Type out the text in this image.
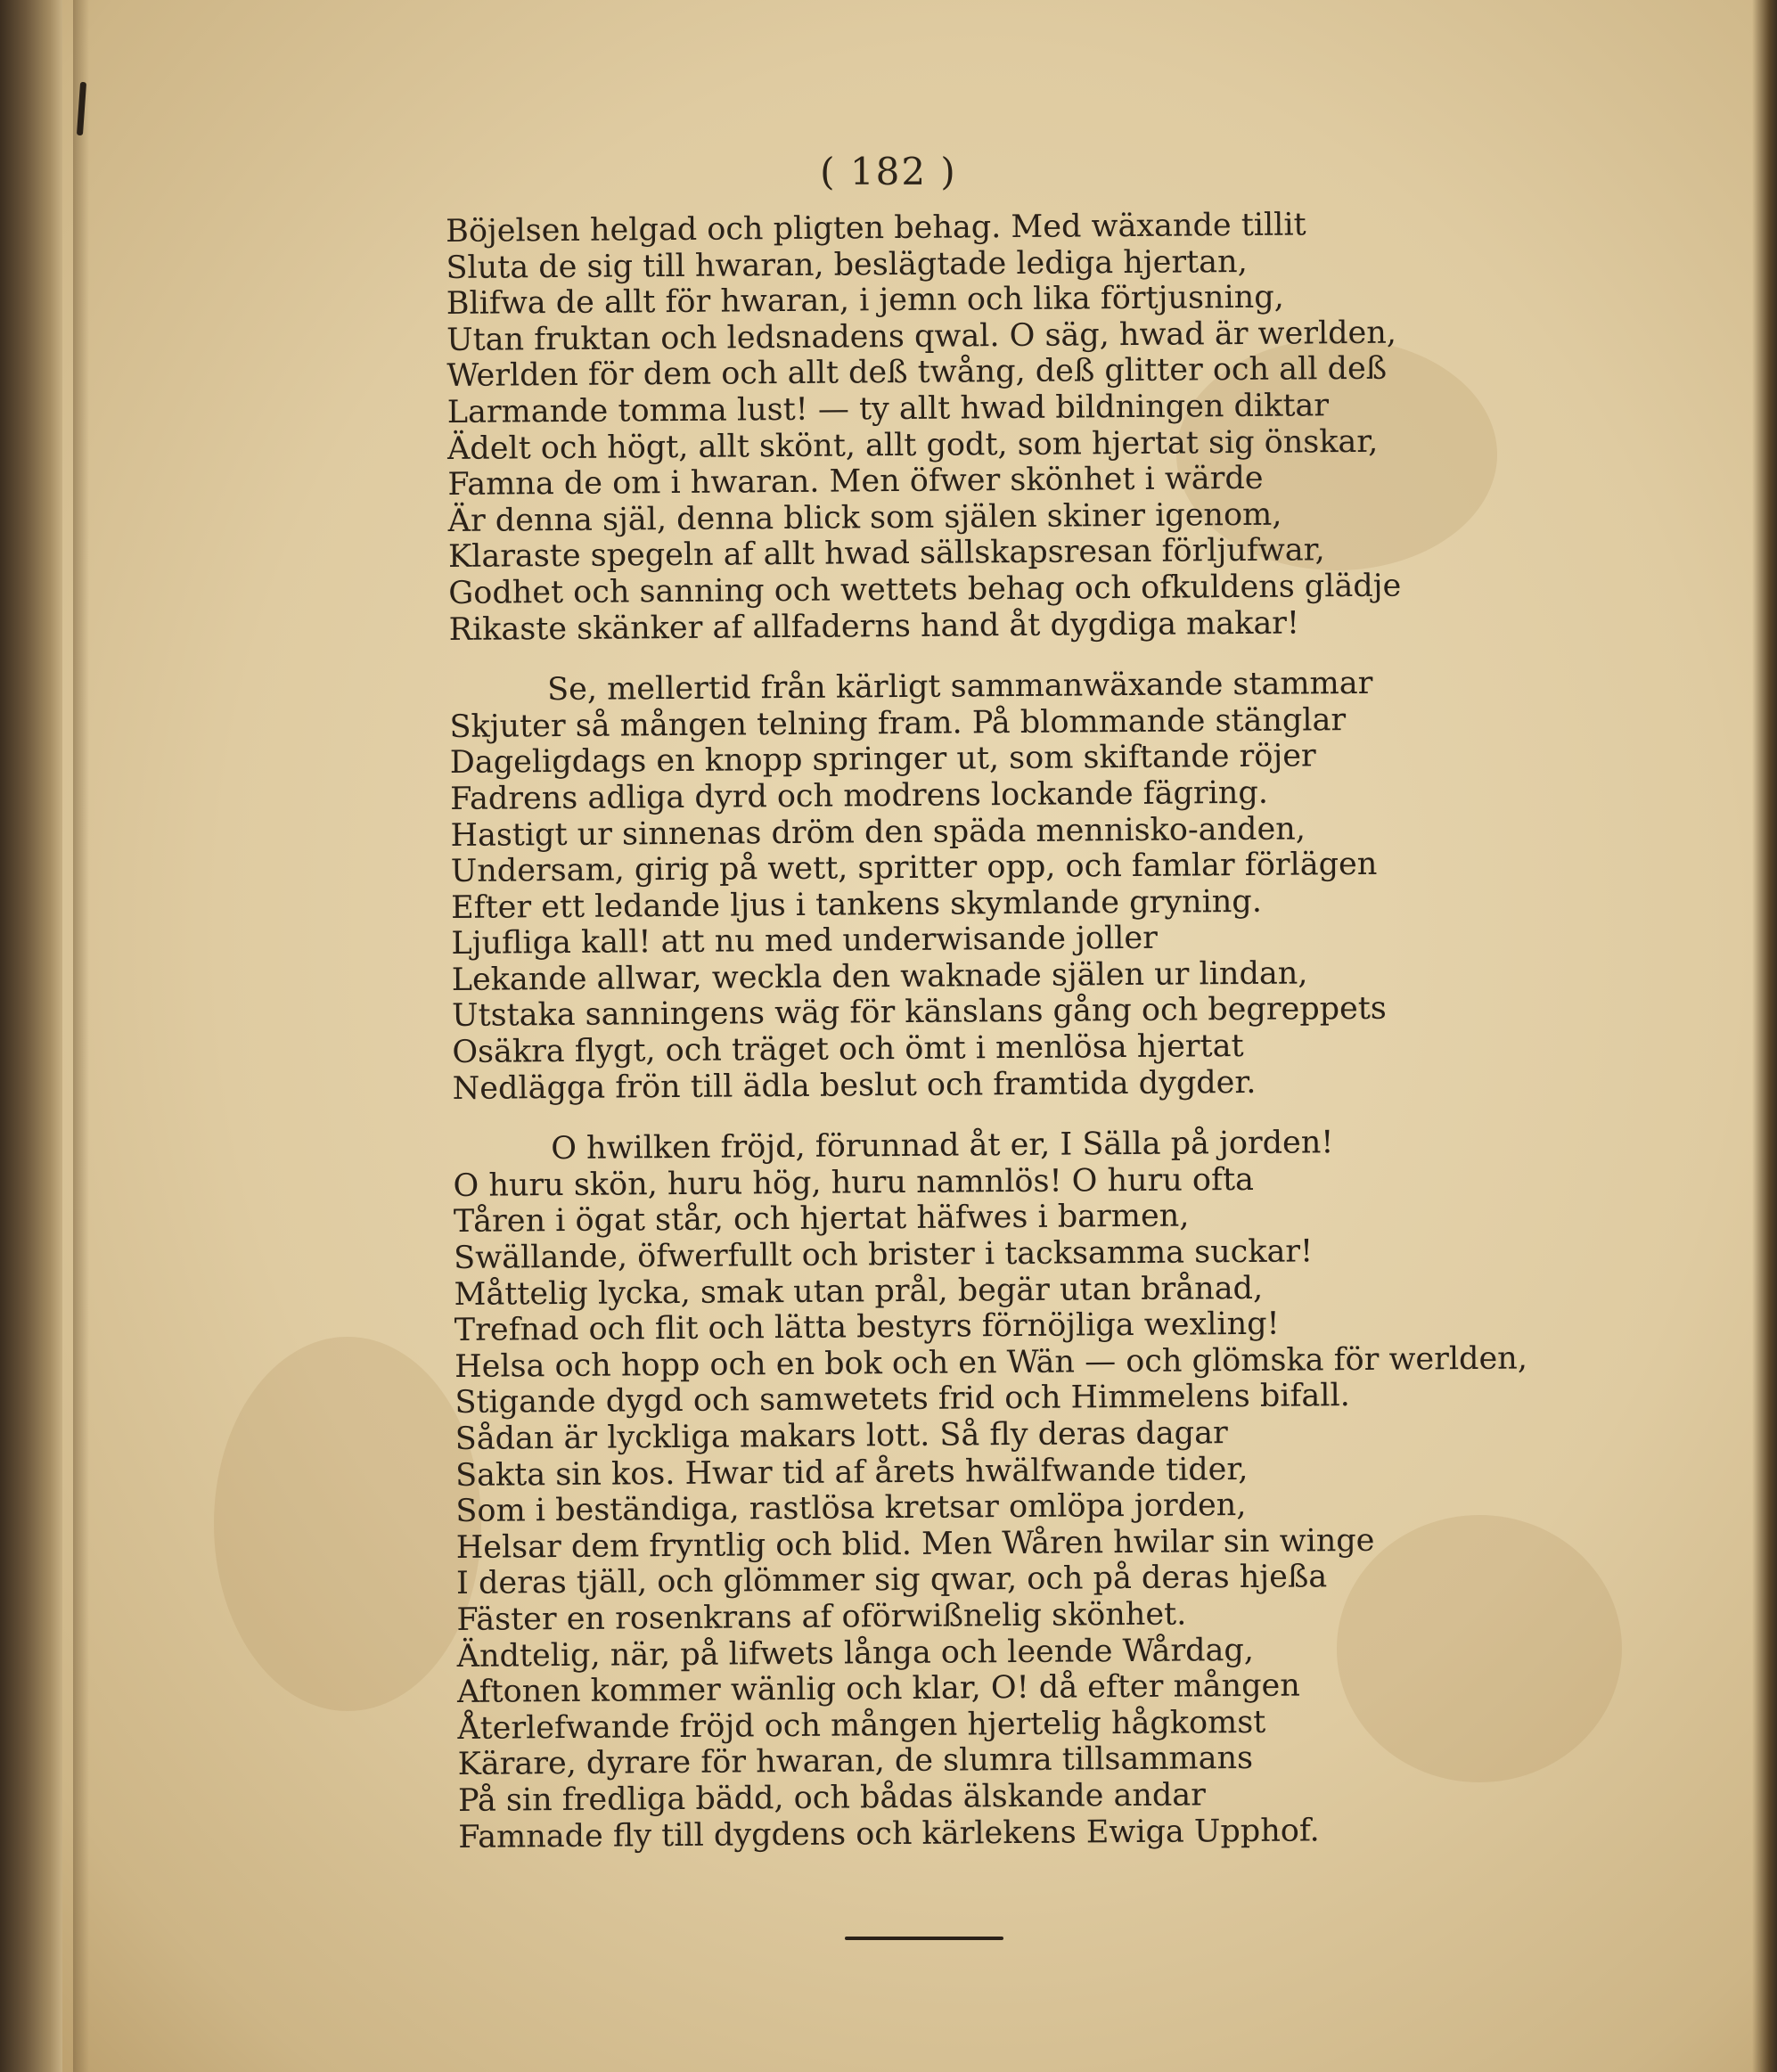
( 182 )
Böjelsen helgad och pligten behag. Med wäxande tillit
Sluta de sig till hwaran, beslägtade ledigа hjertan,
Blifwa de allt för hwaran, i jemn och lika förtjusning,
Utan fruktan och ledsnadens qwal. O säg, hwad är werlden,
Werlden för dem och allt deß twång, deß glitter och all deß
Larmande tomma lust! — ty allt hwad bildningen diktar
Ädelt och högt, allt skönt, allt godt, som hjertat sig önskar,
Famna de om i hwaran. Men öfwer skönhet i wärde
Är denna själ, denna blick som själen skiner igenom,
Klaraste spegeln af allt hwad sällskapsresan förljufwar,
Godhet och sanning och wettets behag och ofkuldens glädje
Rikaste skänker af allfaderns hand åt dygdiga makar!
Se, mellertid från kärligt sammanwäxande stammar
Skjuter så mången telning fram. På blommande stänglar
Dageligdags en knopp springer ut, som skiftande röjer
Fadrens adliga dyrd och modrens lockande fägring.
Hastigt ur sinnenas dröm den späda menniskо-anden,
Undersam, girig på wett, spritter opp, och famlar förlägen
Efter ett ledande ljus i tankens skymlande gryning.
Ljufliga kall! att nu med underwisande joller
Lekande allwar, weckla den waknade själen ur lindan,
Utstaka sanningens wäg för känslans gång och begreppets
Osäkra flygt, och träget och ömt i menlösa hjertat
Nedlägga frön till ädla beslut och framtida dygder.
O hwilken fröjd, förunnad åt er, I Sälla på jorden!
O huru skön, huru hög, huru namnlös! O huru ofta
Tåren i ögat står, och hjertat häfwes i barmen,
Swällande, öfwerfullt och brister i tacksamma suckar!
Måttelig lycka, smak utan prål, begär utan brånad,
Trefnad och flit och lätta bestyrs förnöjliga wexling!
Helsa och hopp och en bok och en Wän — och glömska för werlden,
Stigande dygd och samwetets frid och Himmelens bifall.
Sådan är lyckliga makars lott. Så fly deras dagar
Sakta sin kos. Hwar tid af årets hwälfwande tider,
Som i beständiga, rastlösa kretsar omlöpa jorden,
Helsar dem fryntlig och blid. Men Wåren hwilar sin winge
I deras tjäll, och glömmer sig qwar, och på deras hjeßa
Fäster en rosenkrans af oförwißnelig skönhet.
Ändtelig, när, på lifwets långa och leende Wårdag,
Aftonen kommer wänlig och klar, O! då efter mången
Återlefwande fröjd och mången hjertelig hågkomst
Kärare, dyrare för hwaran, de slumra tillsammans
På sin fredliga bädd, och bådas älskande andar
Famnade fly till dygdens och kärlekens Ewiga Upphof.
